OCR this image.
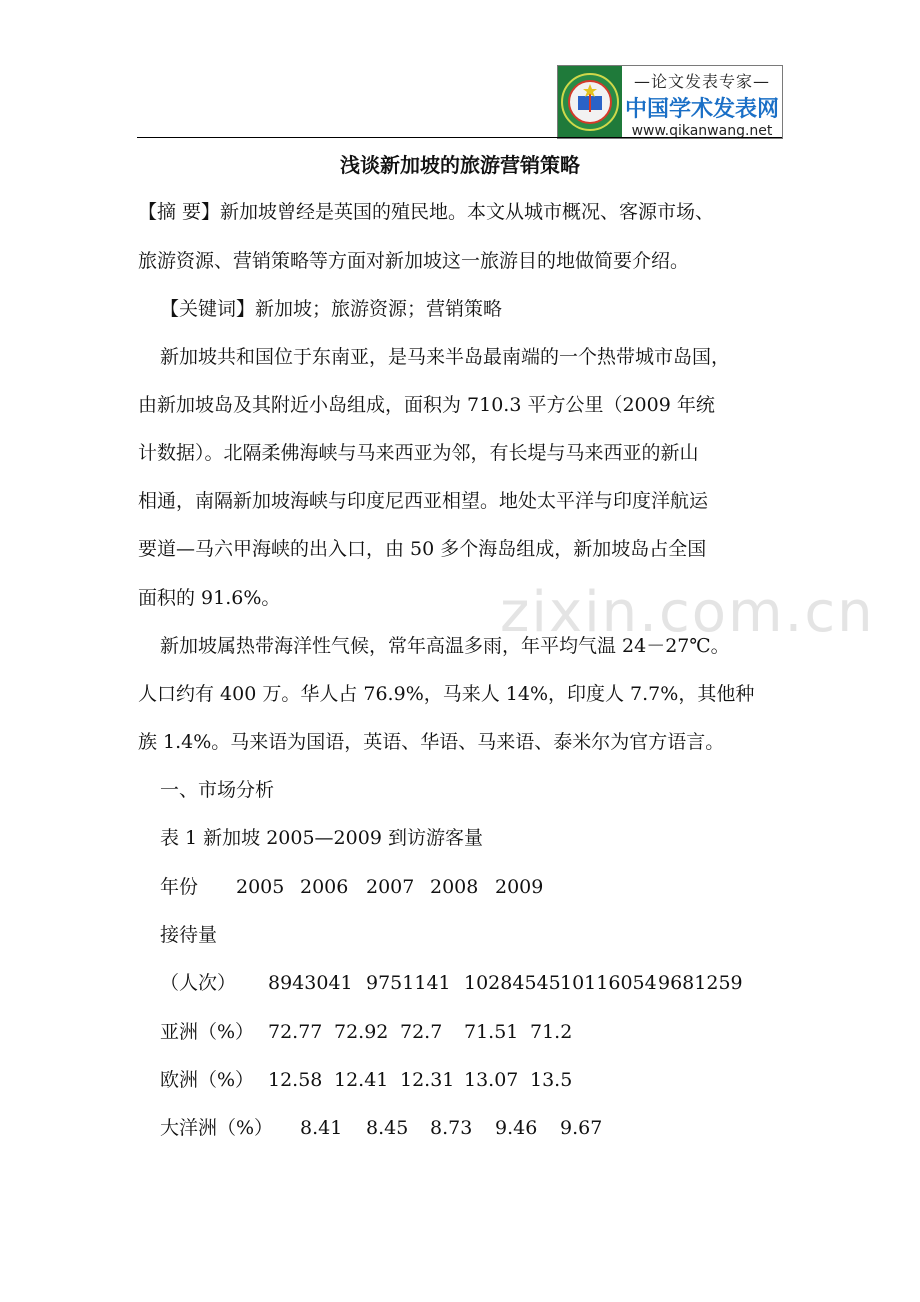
—论文发表专家—
中国学术发表网
www.qikanwang.net
zixin.com.cn
浅谈新加坡的旅游营销策略
【摘 要】新加坡曾经是英国的殖民地。本文从城市概况、客源市场、
旅游资源、营销策略等方面对新加坡这一旅游目的地做简要介绍。
【关键词】新加坡；旅游资源；营销策略
新加坡共和国位于东南亚，是马来半岛最南端的一个热带城市岛国，
由新加坡岛及其附近小岛组成，面积为 710.3 平方公里（2009 年统
计数据）。北隔柔佛海峡与马来西亚为邻，有长堤与马来西亚的新山
相通，南隔新加坡海峡与印度尼西亚相望。地处太平洋与印度洋航运
要道—马六甲海峡的出入口，由 50 多个海岛组成，新加坡岛占全国
面积的 91.6%。
新加坡属热带海洋性气候，常年高温多雨，年平均气温 24－27℃。
人口约有 400 万。华人占 76.9%，马来人 14%，印度人 7.7%，其他种
族 1.4%。马来语为国语，英语、华语、马来语、泰米尔为官方语言。
一、市场分析
表 1 新加坡 2005—2009 到访游客量
年份 2005 2006 2007 2008 2009
接待量
（人次） 8943041 9751141 10284545 10116054 9681259
亚洲（%） 72.77 72.92 72.7 71.51 71.2
欧洲（%） 12.58 12.41 12.31 13.07 13.5
大洋洲（%） 8.41 8.45 8.73 9.46 9.67
